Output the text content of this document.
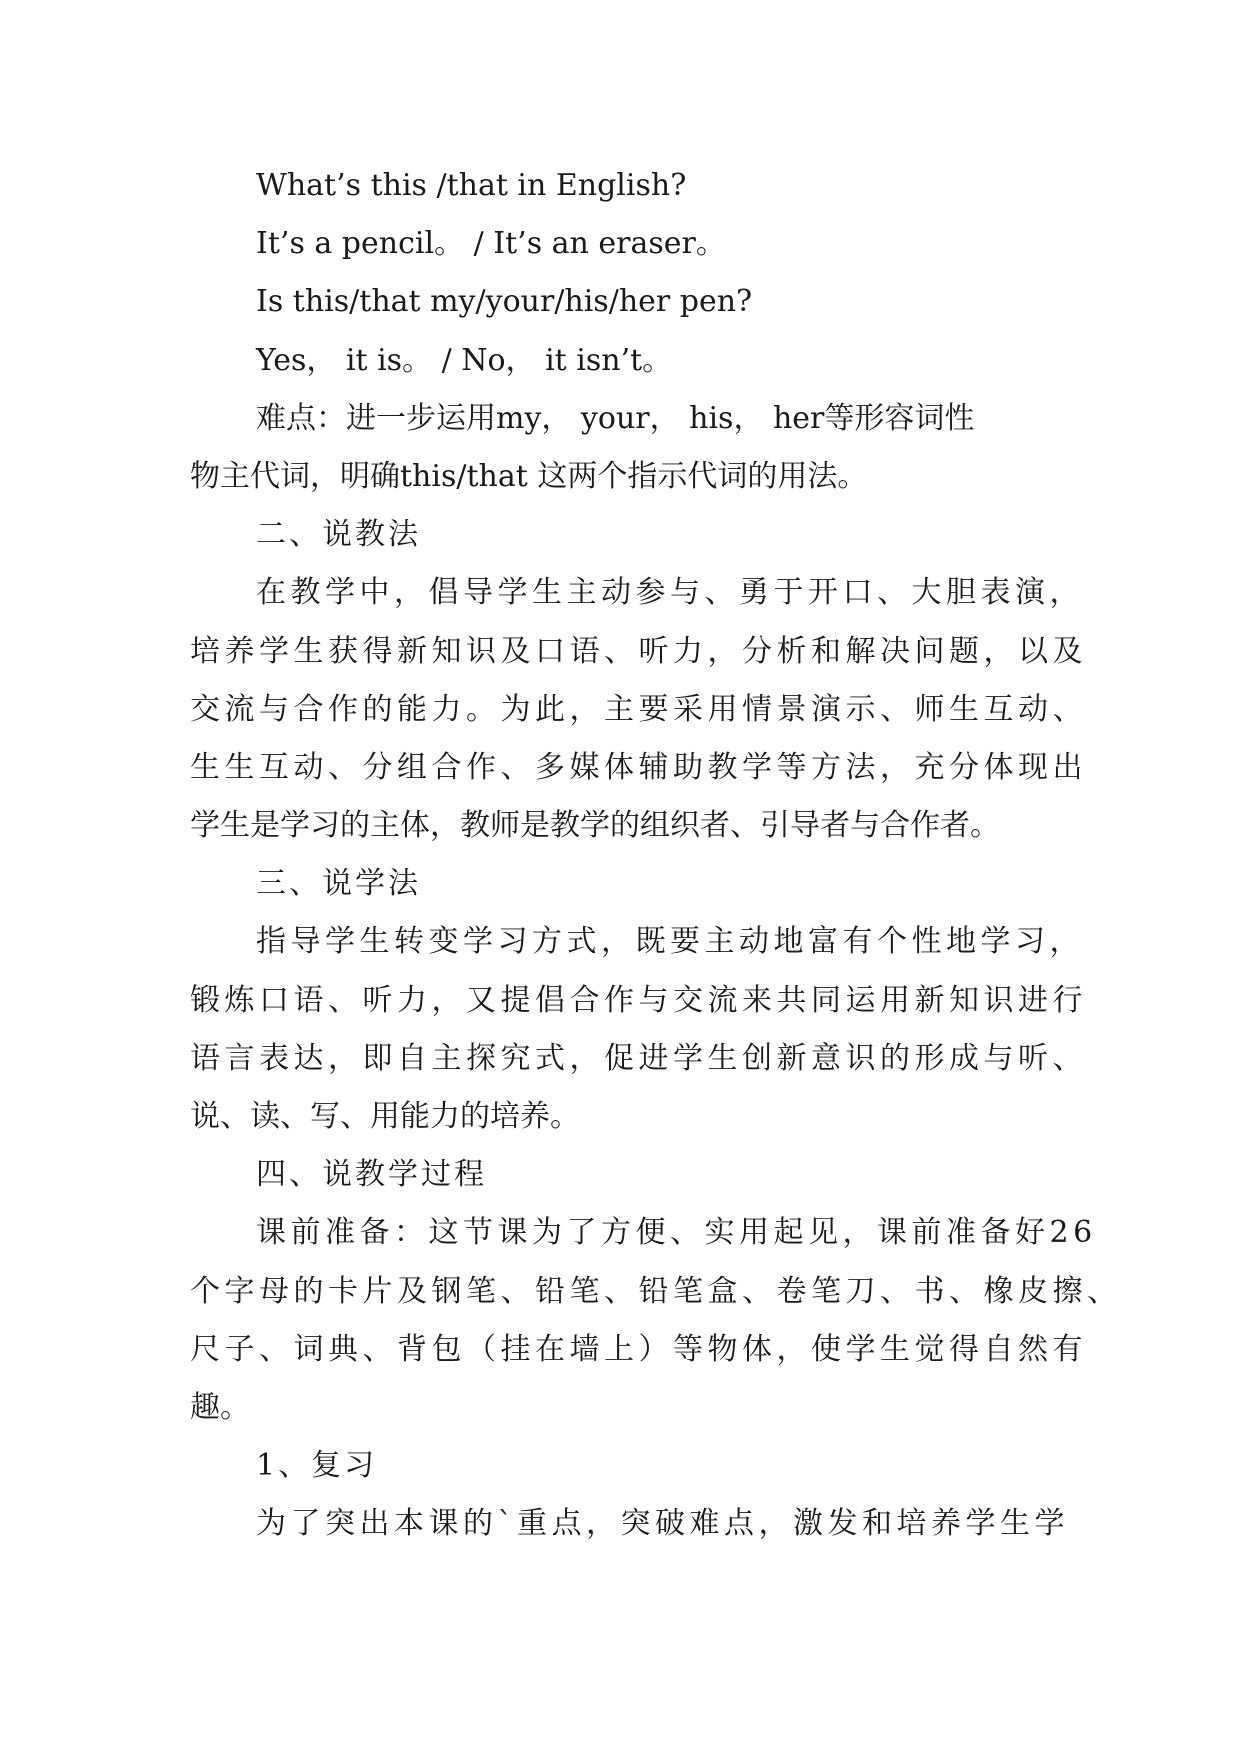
What’s this /that in English?
It’s a pencil。 / It’s an eraser。
Is this/that my/your/his/her pen?
Yes， it is。 / No， it isn’t。
难点：进一步运用my， your， his， her等形容词性
物主代词，明确this/that 这两个指示代词的用法。
二、说教法
在教学中，倡导学生主动参与、勇于开口、大胆表演，
培养学生获得新知识及口语、听力，分析和解决问题，以及
交流与合作的能力。为此，主要采用情景演示、师生互动、
生生互动、分组合作、多媒体辅助教学等方法，充分体现出
学生是学习的主体，教师是教学的组织者、引导者与合作者。
三、说学法
指导学生转变学习方式，既要主动地富有个性地学习，
锻炼口语、听力，又提倡合作与交流来共同运用新知识进行
语言表达，即自主探究式，促进学生创新意识的形成与听、
说、读、写、用能力的培养。
四、说教学过程
课前准备：这节课为了方便、实用起见，课前准备好26
个字母的卡片及钢笔、铅笔、铅笔盒、卷笔刀、书、橡皮擦、
尺子、词典、背包（挂在墙上）等物体，使学生觉得自然有
趣。
1、复习
为了突出本课的`重点，突破难点，激发和培养学生学
